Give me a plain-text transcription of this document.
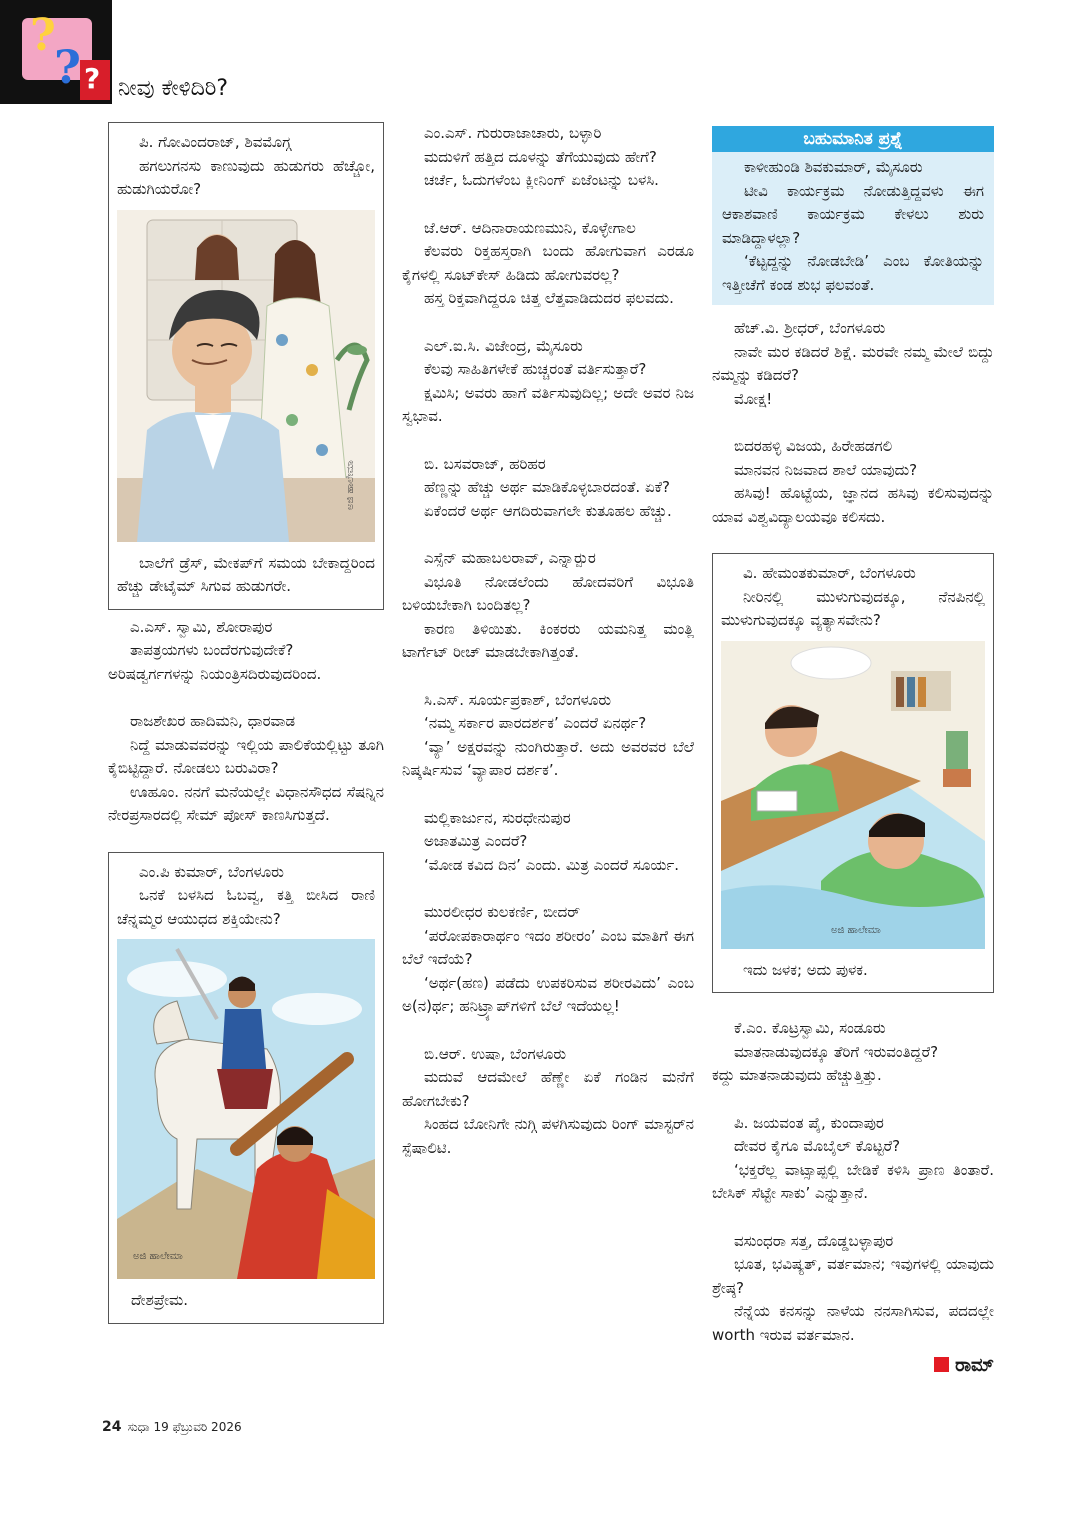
?
? ? ನೀವು ಕೇಳಿದಿರಿ?
ಪಿ. ಗೋವಿಂದರಾಜ್, ಶಿವಮೊಗ್ಗ
ಹಗಲುಗನಸು ಕಾಣುವುದು ಹುಡುಗರು ಹೆಚ್ಚೋ, ಹುಡುಗಿಯರೋ?
ಅಜಿ ಹಾಲೇಮಾ
ಬಾಲೆಗೆ ಡ್ರೆಸ್, ಮೇಕಪ್‌ಗೆ ಸಮಯ ಬೇಕಾದ್ದರಿಂದ ಹೆಚ್ಚು ಡೇಟೈಮ್ ಸಿಗುವ ಹುಡುಗರೇ.
ಎ.ಎಸ್. ಸ್ವಾಮಿ, ಶೋರಾಪುರ
ತಾಪತ್ರಯಗಳು ಬಂದೆರಗುವುದೇಕೆ?
ಅರಿಷಡ್ವರ್ಗಗಳನ್ನು ನಿಯಂತ್ರಿಸದಿರುವುದರಿಂದ.
ರಾಜಶೇಖರ ಹಾದಿಮನಿ, ಧಾರವಾಡ
ನಿದ್ದೆ ಮಾಡುವವರನ್ನು ಇಲ್ಲಿಯ ಪಾಲಿಕೆಯಲ್ಲಿಟ್ಟು ತೂಗಿ ಕೈಬಿಟ್ಟಿದ್ದಾರೆ. ನೋಡಲು ಬರುವಿರಾ?
ಊಹೂಂ. ನನಗೆ ಮನೆಯಲ್ಲೇ ವಿಧಾನಸೌಧದ ಸೆಷನ್ನಿನ ನೇರಪ್ರಸಾರದಲ್ಲಿ ಸೇಮ್ ಪೋಸ್ ಕಾಣಸಿಗುತ್ತದೆ.
ಎಂ.ಪಿ ಕುಮಾರ್, ಬೆಂಗಳೂರು
ಒನಕೆ ಬಳಸಿದ ಓಬವ್ವ, ಕತ್ತಿ ಬೀಸಿದ ರಾಣಿ ಚೆನ್ನಮ್ಮರ ಆಯುಧದ ಶಕ್ತಿಯೇನು?
ಅಜಿ ಹಾಲೇಮಾ
ದೇಶಪ್ರೇಮ.
ಎಂ.ಎಸ್. ಗುರುರಾಜಾಚಾರು, ಬಳ್ಳಾರಿ
ಮದುಳಿಗೆ ಹತ್ತಿದ ದೂಳನ್ನು ತೆಗೆಯುವುದು ಹೇಗೆ?
ಚರ್ಚೆ, ಓದುಗಳೆಂಬ ಕ್ಲೀನಿಂಗ್ ಏಜೆಂಟನ್ನು ಬಳಸಿ.
ಜೆ.ಆರ್. ಆದಿನಾರಾಯಣಮುನಿ, ಕೊಳ್ಳೇಗಾಲ
ಕೆಲವರು ರಿಕ್ತಹಸ್ತರಾಗಿ ಬಂದು ಹೋಗುವಾಗ ಎರಡೂ ಕೈಗಳಲ್ಲಿ ಸೂಟ್‌ಕೇಸ್ ಹಿಡಿದು ಹೋಗುವರಲ್ಲ?
ಹಸ್ತ ರಿಕ್ತವಾಗಿದ್ದರೂ ಚಿತ್ತ ಲೆತ್ತವಾಡಿದುದರ ಫಲವದು.
ಎಲ್.ಐ.ಸಿ. ವಿಜೇಂದ್ರ, ಮೈಸೂರು
ಕೆಲವು ಸಾಹಿತಿಗಳೇಕೆ ಹುಚ್ಚರಂತೆ ವರ್ತಿಸುತ್ತಾರೆ?
ಕ್ಷಮಿಸಿ; ಅವರು ಹಾಗೆ ವರ್ತಿಸುವುದಿಲ್ಲ; ಅದೇ ಅವರ ನಿಜ ಸ್ವಭಾವ.
ಬಿ. ಬಸವರಾಜ್, ಹರಿಹರ
ಹೆಣ್ಣನ್ನು ಹೆಚ್ಚು ಅರ್ಥ ಮಾಡಿಕೊಳ್ಳಬಾರದಂತೆ. ಏಕೆ?
ಏಕೆಂದರೆ ಅರ್ಥ ಆಗದಿರುವಾಗಲೇ ಕುತೂಹಲ ಹೆಚ್ಚು.
ಎಸ್ಸೆನ್ ಮಹಾಬಲರಾವ್, ಎನ್ನಾರ್‍ಪುರ
ವಿಭೂತಿ ನೋಡಲೆಂದು ಹೋದವರಿಗೆ ವಿಭೂತಿ ಬಳಿಯಬೇಕಾಗಿ ಬಂದಿತಲ್ಲ?
ಕಾರಣ ತಿಳಿಯಿತು. ಕಿಂಕರರು ಯಮನಿತ್ತ ಮಂತ್ಲಿ ಟಾರ್ಗೆಟ್ ರೀಚ್ ಮಾಡಬೇಕಾಗಿತ್ತಂತೆ.
ಸಿ.ಎಸ್. ಸೂರ್ಯಪ್ರಕಾಶ್, ಬೆಂಗಳೂರು
‘ನಮ್ಮ ಸರ್ಕಾರ ಪಾರದರ್ಶಕ’ ಎಂದರೆ ಏನರ್ಥ?
‘ವ್ಯಾ’ ಅಕ್ಷರವನ್ನು ನುಂಗಿರುತ್ತಾರೆ. ಅದು ಅವರವರ ಬೆಲೆ ನಿಷ್ಕರ್ಷಿಸುವ ‘ವ್ಯಾಪಾರ ದರ್ಶಕ’.
ಮಲ್ಲಿಕಾರ್ಜುನ, ಸುರಧೇನುಪುರ
ಅಜಾತಮಿತ್ರ ಎಂದರೆ?
‘ಮೋಡ ಕವಿದ ದಿನ’ ಎಂದು. ಮಿತ್ರ ಎಂದರೆ ಸೂರ್ಯ.
ಮುರಲೀಧರ ಕುಲಕರ್ಣಿ, ಬೀದರ್
‘ಪರೋಪಕಾರಾರ್ಥಂ ಇದಂ ಶರೀರಂ’ ಎಂಬ ಮಾತಿಗೆ ಈಗ ಬೆಲೆ ಇದೆಯೆ?
‘ಅರ್ಥ(ಹಣ) ಪಡೆದು ಉಪಕರಿಸುವ ಶರೀರವಿದು’ ಎಂಬ ಅ(ನ)ರ್ಥ; ಹನಿಟ್ರ್ಯಾಪ್‌ಗಳಿಗೆ ಬೆಲೆ ಇದೆಯಲ್ಲ!
ಬಿ.ಆರ್. ಉಷಾ, ಬೆಂಗಳೂರು
ಮದುವೆ ಆದಮೇಲೆ ಹೆಣ್ಣೇ ಏಕೆ ಗಂಡಿನ ಮನೆಗೆ ಹೋಗಬೇಕು?
ಸಿಂಹದ ಬೋನಿಗೇ ನುಗ್ಗಿ ಪಳಗಿಸುವುದು ರಿಂಗ್ ಮಾಸ್ಟರ್‌ನ ಸ್ಪೆಷಾಲಿಟಿ.
ಬಹುಮಾನಿತ ಪ್ರಶ್ನೆ
ಕಾಳೀಹುಂಡಿ ಶಿವಕುಮಾರ್, ಮೈಸೂರು
ಟೀವಿ ಕಾರ್ಯಕ್ರಮ ನೋಡುತ್ತಿದ್ದವಳು ಈಗ ಆಕಾಶವಾಣಿ ಕಾರ್ಯಕ್ರಮ ಕೇಳಲು ಶುರು ಮಾಡಿದ್ದಾಳಲ್ಲಾ?
‘ಕೆಟ್ಟದ್ದನ್ನು ನೋಡಬೇಡಿ’ ಎಂಬ ಕೋತಿಯನ್ನು ಇತ್ತೀಚೆಗೆ ಕಂಡ ಶುಭ ಫಲವಂತೆ.
ಹೆಚ್.ವಿ. ಶ್ರೀಧರ್, ಬೆಂಗಳೂರು
ನಾವೇ ಮರ ಕಡಿದರೆ ಶಿಕ್ಷೆ. ಮರವೇ ನಮ್ಮ ಮೇಲೆ ಬಿದ್ದು ನಮ್ಮನ್ನು ಕಡಿದರೆ?
ಮೋಕ್ಷ!
ಬಿದರಹಳ್ಳಿ ವಿಜಯ, ಹಿರೇಹಡಗಲಿ
ಮಾನವನ ನಿಜವಾದ ಶಾಲೆ ಯಾವುದು?
ಹಸಿವು! ಹೊಟ್ಟೆಯ, ಜ್ಞಾನದ ಹಸಿವು ಕಲಿಸುವುದನ್ನು ಯಾವ ವಿಶ್ವವಿದ್ಯಾಲಯವೂ ಕಲಿಸದು.
ವಿ. ಹೇಮಂತಕುಮಾರ್, ಬೆಂಗಳೂರು
ನೀರಿನಲ್ಲಿ ಮುಳುಗುವುದಕ್ಕೂ, ನೆನಪಿನಲ್ಲಿ ಮುಳುಗುವುದಕ್ಕೂ ವ್ಯತ್ಯಾಸವೇನು?
ಅಜಿ ಹಾಲೇಮಾ
ಇದು ಜಳಕ; ಅದು ಪುಳಕ.
ಕೆ.ಎಂ. ಕೊಟ್ರಸ್ವಾಮಿ, ಸಂಡೂರು
ಮಾತನಾಡುವುದಕ್ಕೂ ತೆರಿಗೆ ಇರುವಂತಿದ್ದರೆ?
ಕದ್ದು ಮಾತನಾಡುವುದು ಹೆಚ್ಚುತ್ತಿತ್ತು.
ಪಿ. ಜಯವಂತ ಪೈ, ಕುಂದಾಪುರ
ದೇವರ ಕೈಗೂ ಮೊಬೈಲ್ ಕೊಟ್ಟರೆ?
‘ಭಕ್ತರೆಲ್ಲ ವಾಟ್ಸಾಪ್ಪಲ್ಲಿ ಬೇಡಿಕೆ ಕಳಿಸಿ ಪ್ರಾಣ ತಿಂತಾರೆ. ಬೇಸಿಕ್ ಸೆಟ್ಟೇ ಸಾಕು’ ಎನ್ನುತ್ತಾನೆ.
ವಸುಂಧರಾ ಸತ್ತ, ದೊಡ್ಡಬಳ್ಳಾಪುರ
ಭೂತ, ಭವಿಷ್ಯತ್, ವರ್ತಮಾನ; ಇವುಗಳಲ್ಲಿ ಯಾವುದು ಶ್ರೇಷ್ಠ?
ನೆನ್ನೆಯ ಕನಸನ್ನು ನಾಳೆಯ ನನಸಾಗಿಸುವ, ಪದದಲ್ಲೇ worth ಇರುವ ವರ್ತಮಾನ.
ರಾಮ್
24 ಸುಧಾ 19 ಫೆಬ್ರುವರಿ 2026
